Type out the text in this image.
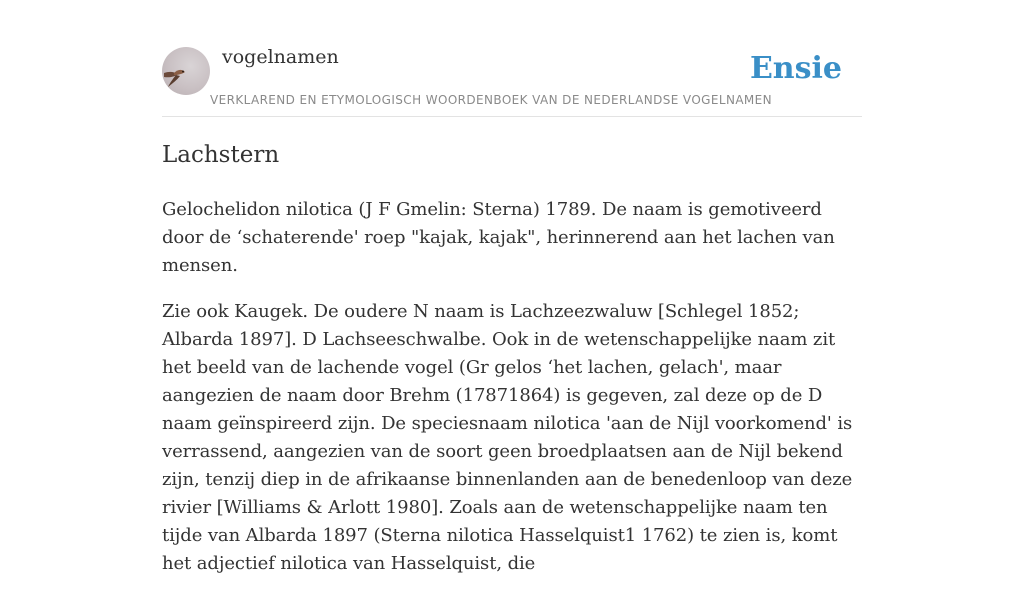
vogelnamen	Ensie
VERKLAREND EN ETYMOLOGISCH WOORDENBOEK VAN DE NEDERLANDSE VOGELNAMEN
Lachstern

Gelochelidon nilotica (J F Gmelin: Sterna) 1789. De naam is gemotiveerd door de ‘schaterende' roep "kajak, kajak", herinnerend aan het lachen van mensen.

Zie ook Kaugek. De oudere N naam is Lachzeezwaluw [Schlegel 1852; Albarda 1897]. D Lachseeschwalbe. Ook in de wetenschappelijke naam zit het beeld van de lachende vogel (Gr gelos ‘het lachen, gelach', maar aangezien de naam door Brehm (17871864) is gegeven, zal deze op de D naam geïnspireerd zijn. De speciesnaam nilotica 'aan de Nijl voorkomend' is verrassend, aangezien van de soort geen broedplaatsen aan de Nijl bekend zijn, tenzij diep in de afrikaanse binnenlanden aan de benedenloop van deze rivier [Williams & Arlott 1980]. Zoals aan de wetenschappelijke naam ten tijde van Albarda 1897 (Sterna nilotica Hasselquist1 1762) te zien is, komt het adjectief nilotica van Hasselquist, die
